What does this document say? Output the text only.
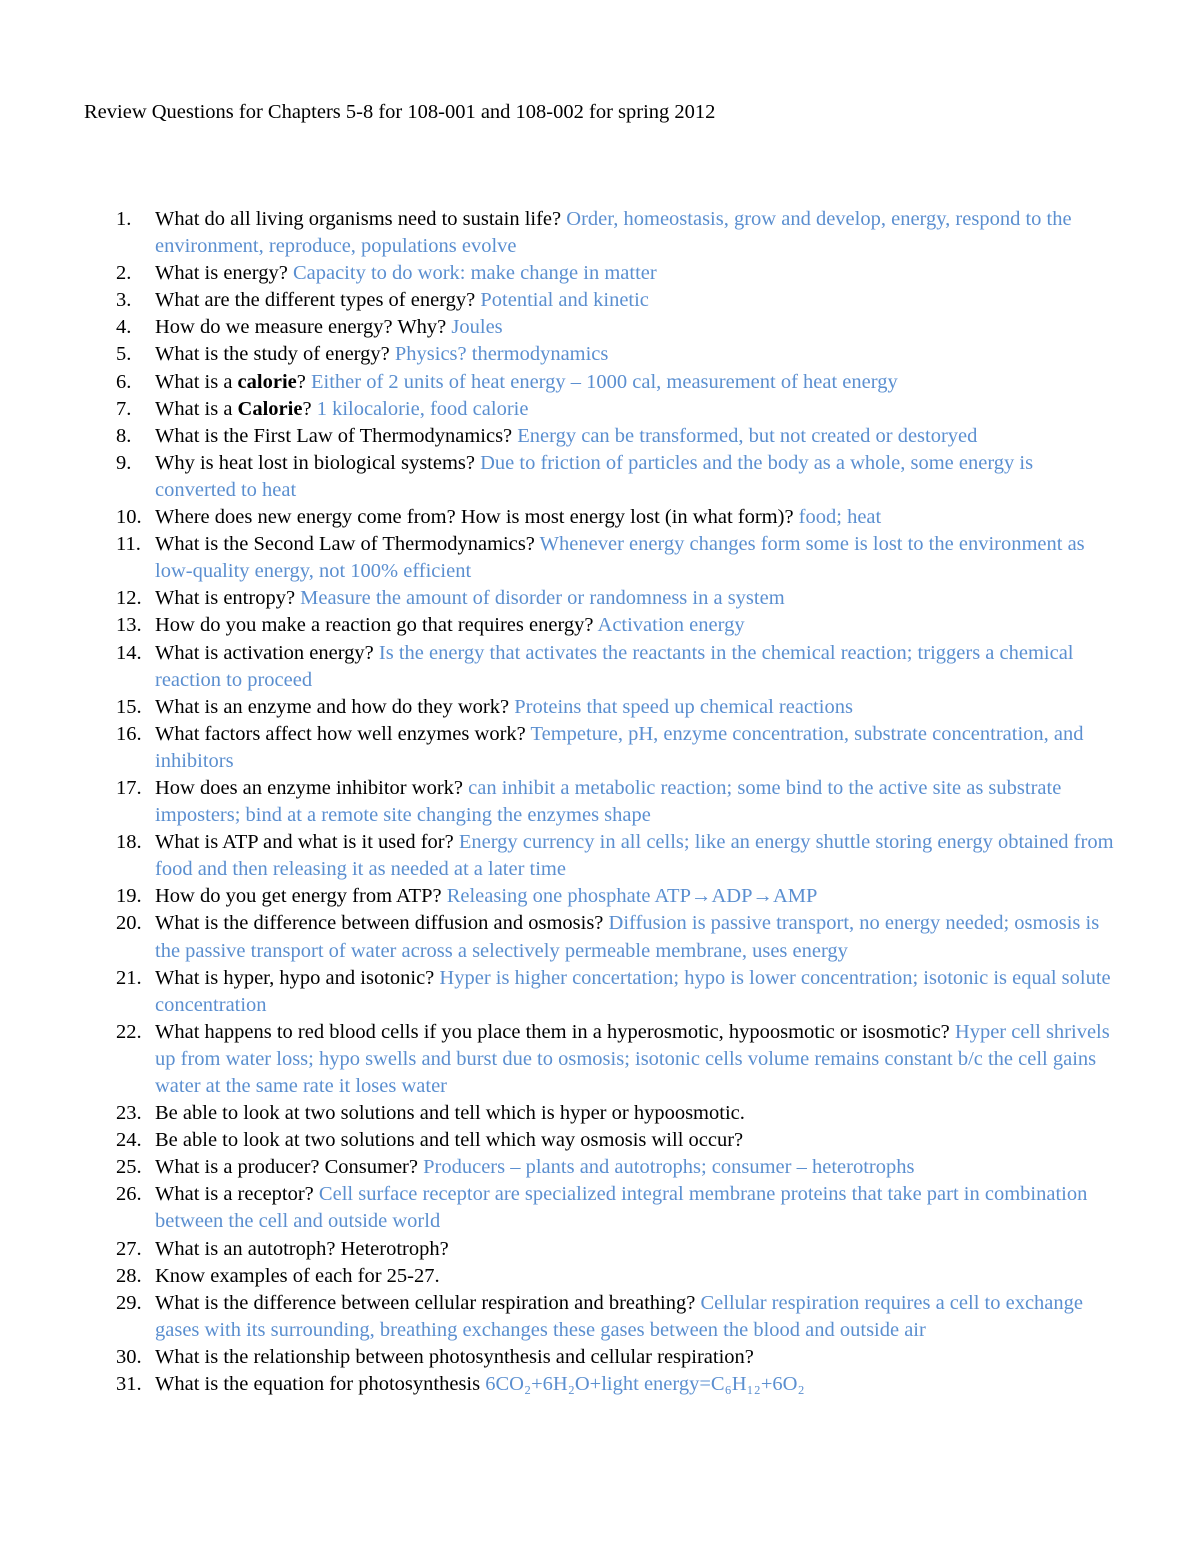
Review Questions for Chapters 5-8 for 108-001 and 108-002 for spring 2012
1.	What do all living organisms need to sustain life? Order, homeostasis, grow and develop, energy, respond to the environment, reproduce, populations evolve
2.	What is energy? Capacity to do work: make change in matter
3.	What are the different types of energy? Potential and kinetic
4.	How do we measure energy? Why? Joules
5.	What is the study of energy? Physics? thermodynamics
6.	What is a calorie? Either of 2 units of heat energy – 1000 cal, measurement of heat energy
7.	What is a Calorie? 1 kilocalorie, food calorie
8.	What is the First Law of Thermodynamics? Energy can be transformed, but not created or destoryed
9.	Why is heat lost in biological systems? Due to friction of particles and the body as a whole, some energy is converted to heat
10. Where does new energy come from? How is most energy lost (in what form)? food; heat
11. What is the Second Law of Thermodynamics? Whenever energy changes form some is lost to the environment as low-quality energy, not 100% efficient
12. What is entropy? Measure the amount of disorder or randomness in a system
13. How do you make a reaction go that requires energy? Activation energy
14. What is activation energy? Is the energy that activates the reactants in the chemical reaction; triggers a chemical reaction to proceed
15. What is an enzyme and how do they work? Proteins that speed up chemical reactions
16. What factors affect how well enzymes work? Tempeture, pH, enzyme concentration, substrate concentration, and inhibitors
17. How does an enzyme inhibitor work? can inhibit a metabolic reaction; some bind to the active site as substrate imposters; bind at a remote site changing the enzymes shape
18. What is ATP and what is it used for? Energy currency in all cells; like an energy shuttle storing energy obtained from food and then releasing it as needed at a later time
19. How do you get energy from ATP? Releasing one phosphate ATP→ADP→AMP
20. What is the difference between diffusion and osmosis? Diffusion is passive transport, no energy needed; osmosis is the passive transport of water across a selectively permeable membrane, uses energy
21. What is hyper, hypo and isotonic? Hyper is higher concertation; hypo is lower concentration; isotonic is equal solute concentration
22. What happens to red blood cells if you place them in a hyperosmotic, hypoosmotic or isosmotic? Hyper cell shrivels up from water loss; hypo swells and burst due to osmosis; isotonic cells volume remains constant b/c the cell gains water at the same rate it loses water
23. Be able to look at two solutions and tell which is hyper or hypoosmotic.
24. Be able to look at two solutions and tell which way osmosis will occur?
25. What is a producer? Consumer? Producers – plants and autotrophs; consumer – heterotrophs
26. What is a receptor? Cell surface receptor are specialized integral membrane proteins that take part in combination between the cell and outside world
27. What is an autotroph? Heterotroph?
28. Know examples of each for 25-27.
29. What is the difference between cellular respiration and breathing? Cellular respiration requires a cell to exchange gases with its surrounding, breathing exchanges these gases between the blood and outside air
30. What is the relationship between photosynthesis and cellular respiration?
31. What is the equation for photosynthesis 6CO₂+6H₂O+light energy=C₆H₁₂+6O₂
